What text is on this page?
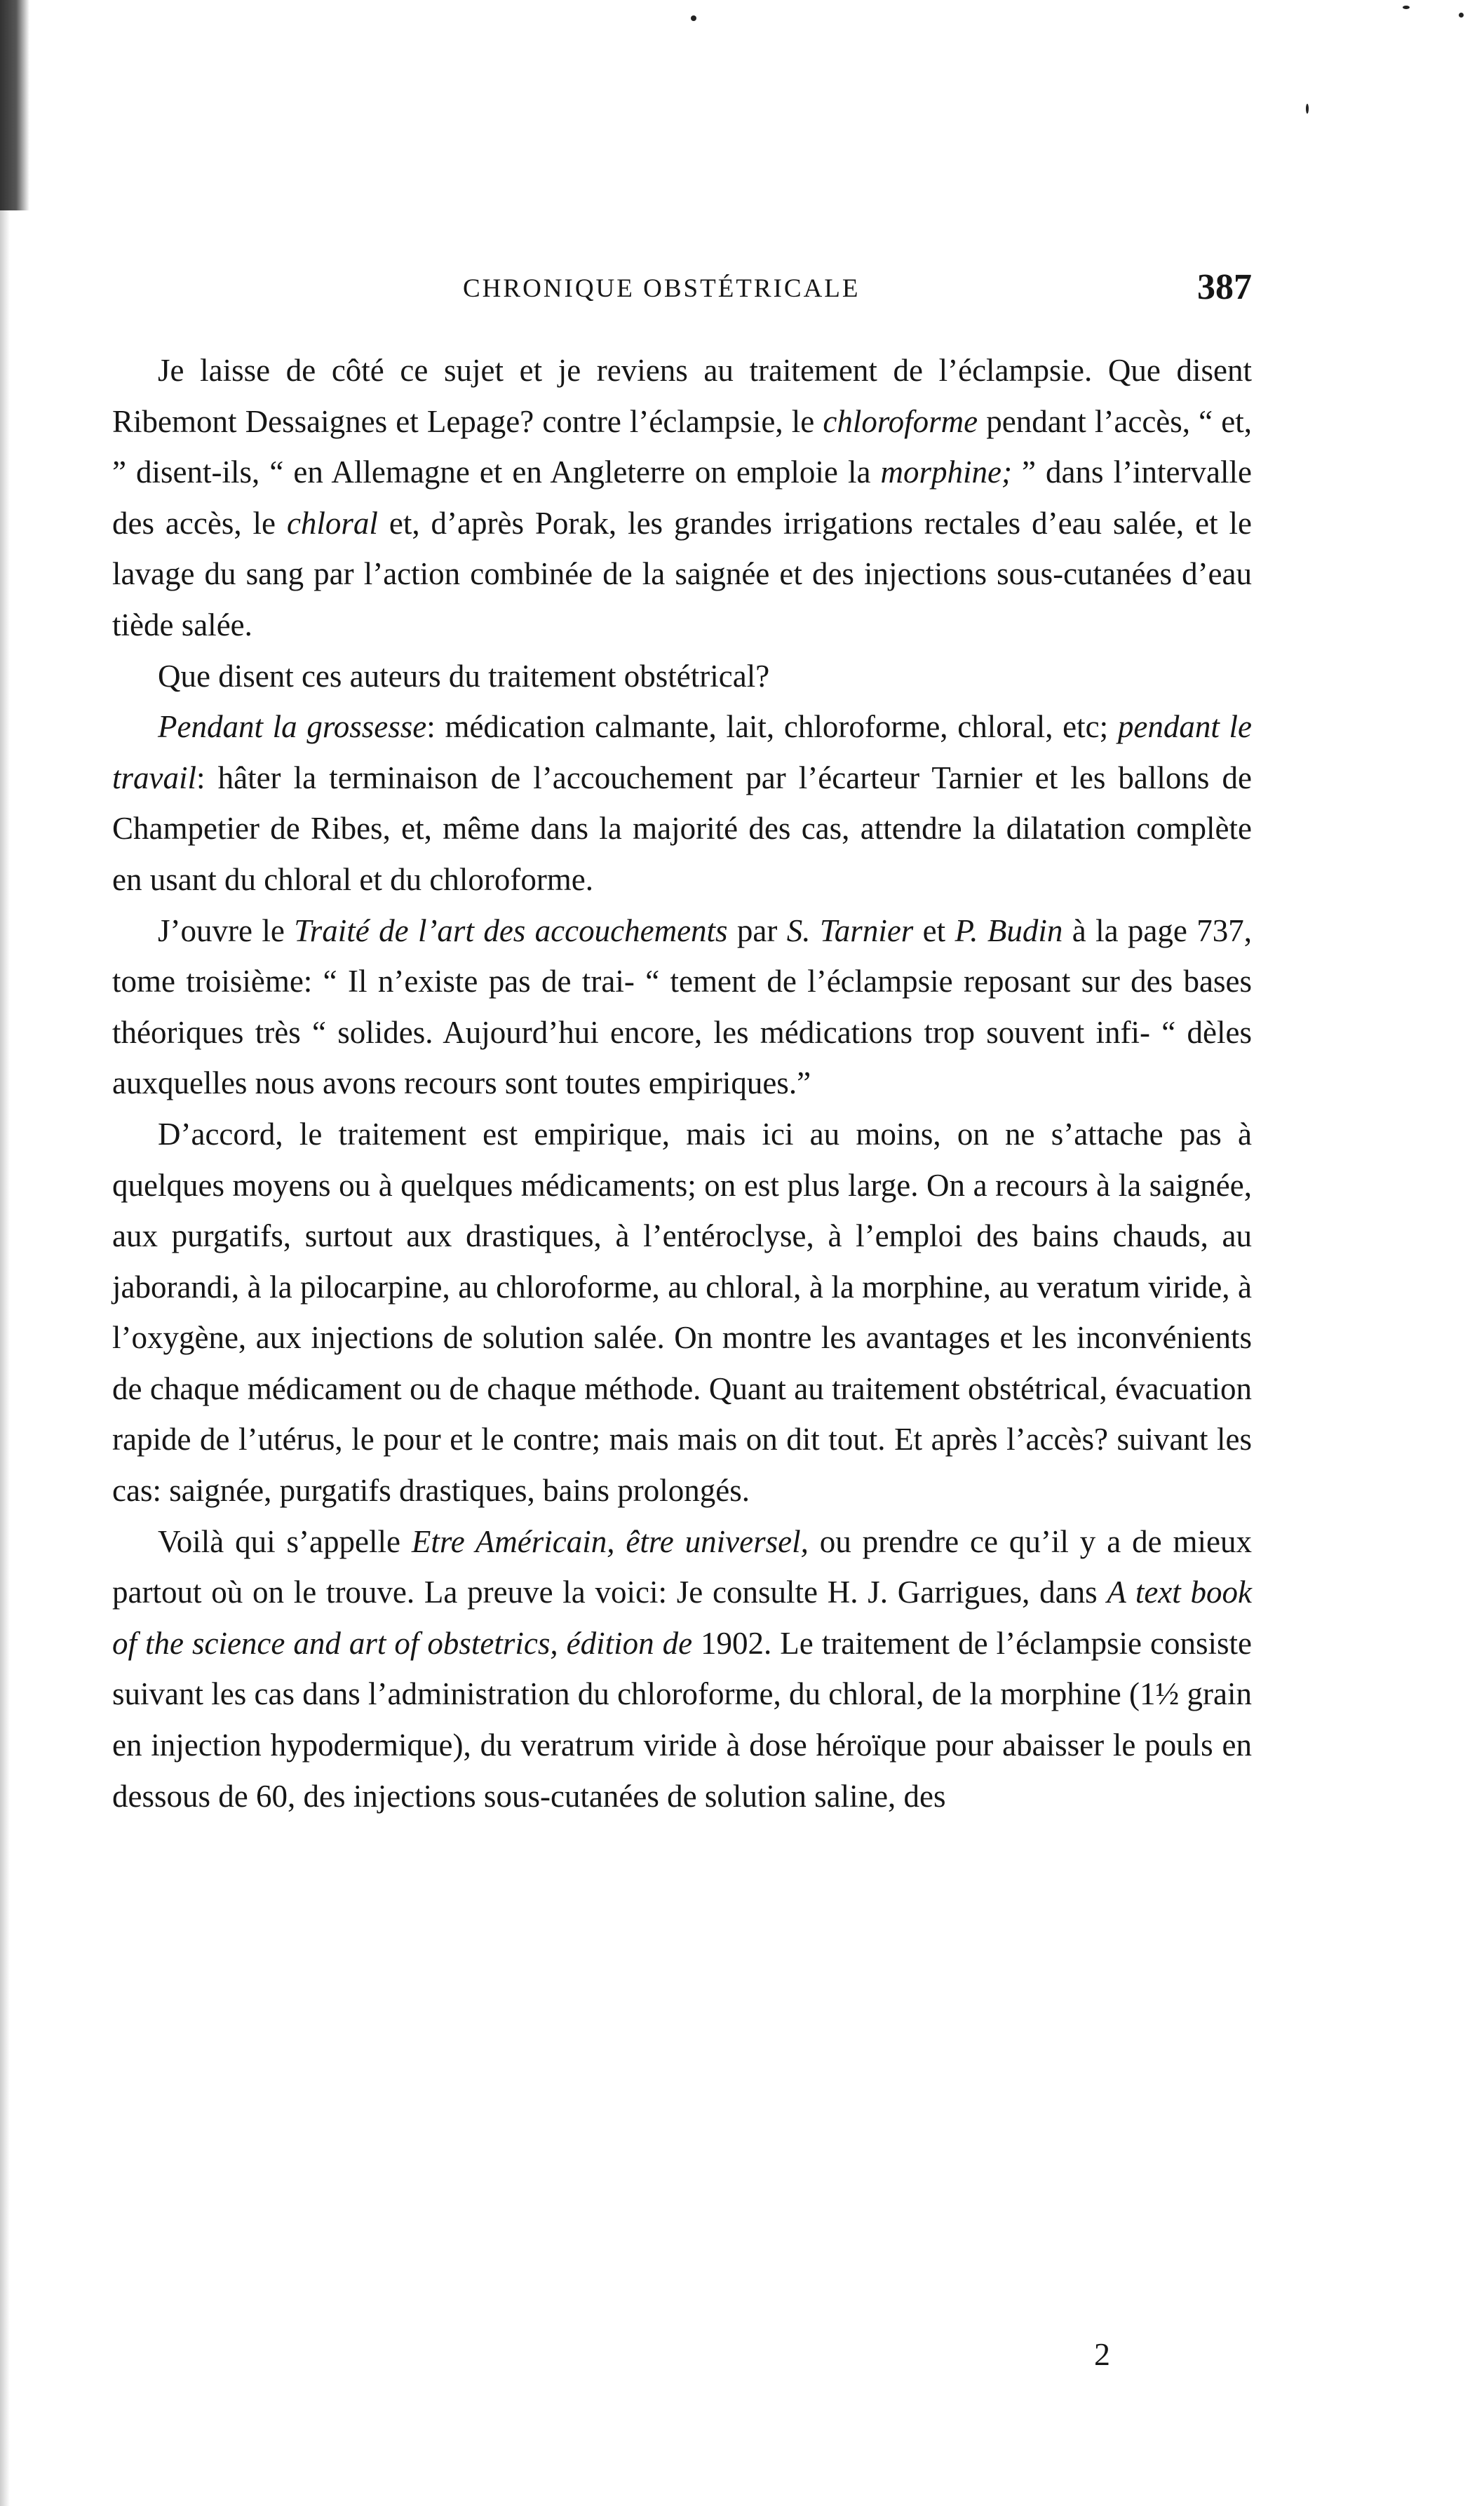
CHRONIQUE OBSTÉTRICALE	387

Je laisse de côté ce sujet et je reviens au traitement de l’éclampsie. Que disent Ribemont Dessaignes et Lepage? contre l’éclampsie, le chloroforme pendant l’accès, “ et, ” disent-ils, “ en Allemagne et en Angleterre on emploie la morphine; ” dans l’intervalle des accès, le chloral et, d’après Porak, les grandes irrigations rectales d’eau salée, et le lavage du sang par l’action combinée de la saignée et des injections sous-cutanées d’eau tiède salée.

Que disent ces auteurs du traitement obstétrical?

Pendant la grossesse: médication calmante, lait, chloroforme, chloral, etc; pendant le travail: hâter la terminaison de l’accouchement par l’écarteur Tarnier et les ballons de Champetier de Ribes, et, même dans la majorité des cas, attendre la dilatation complète en usant du chloral et du chloroforme.

J’ouvre le Traité de l’art des accouchements par S. Tarnier et P. Budin à la page 737, tome troisième: “ Il n’existe pas de trai- “ tement de l’éclampsie reposant sur des bases théoriques très “ solides. Aujourd’hui encore, les médications trop souvent infi- “ dèles auxquelles nous avons recours sont toutes empiriques.”

D’accord, le traitement est empirique, mais ici au moins, on ne s’attache pas à quelques moyens ou à quelques médicaments; on est plus large. On a recours à la saignée, aux purgatifs, surtout aux drastiques, à l’entéroclyse, à l’emploi des bains chauds, au jaborandi, à la pilocarpine, au chloroforme, au chloral, à la morphine, au veratum viride, à l’oxygène, aux injections de solution salée. On montre les avantages et les inconvénients de chaque médicament ou de chaque méthode. Quant au traitement obstétrical, évacuation rapide de l’utérus, le pour et le contre; mais mais on dit tout. Et après l’accès? suivant les cas: saignée, purgatifs drastiques, bains prolongés.

Voilà qui s’appelle Etre Américain, être universel, ou prendre ce qu’il y a de mieux partout où on le trouve. La preuve la voici: Je consulte H. J. Garrigues, dans A text book of the science and art of obstetrics, édition de 1902. Le traitement de l’éclampsie consiste suivant les cas dans l’administration du chloroforme, du chloral, de la morphine (1½ grain en injection hypodermique), du veratrum viride à dose héroïque pour abaisser le pouls en dessous de 60, des injections sous-cutanées de solution saline, des

2
